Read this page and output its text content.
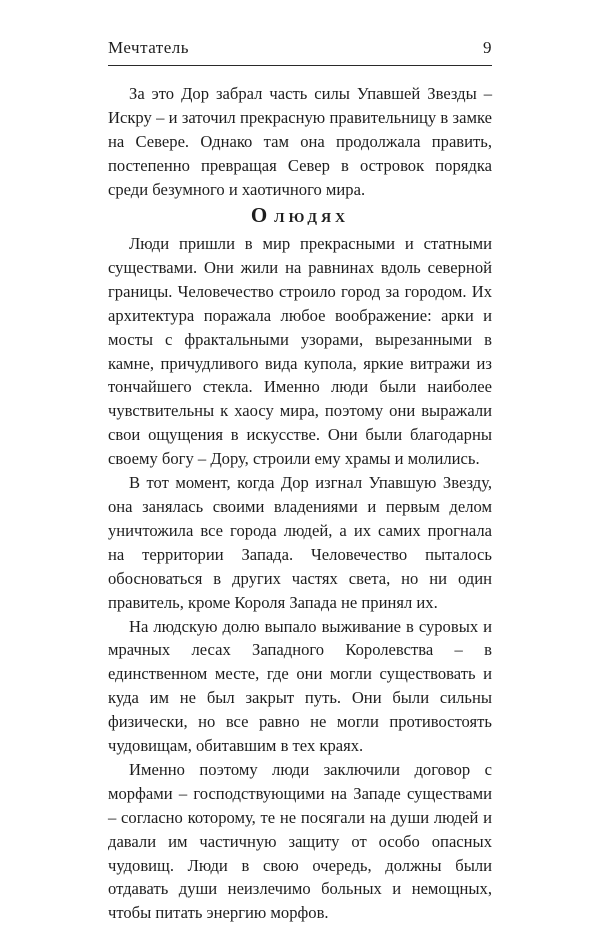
Мечтатель	9

За это Дор забрал часть силы Упавшей Звезды – Искру – и заточил прекрасную правительницу в замке на Севере. Однако там она продолжала править, постепенно превращая Север в островок порядка среди безумного и хаотичного мира.

О людях

Люди пришли в мир прекрасными и статными существами. Они жили на равнинах вдоль северной границы. Человечество строило город за городом. Их архитектура поражала любое воображение: арки и мосты с фрактальными узорами, вырезанными в камне, причудливого вида купола, яркие витражи из тончайшего стекла. Именно люди были наиболее чувствительны к хаосу мира, поэтому они выражали свои ощущения в искусстве. Они были благодарны своему богу – Дору, строили ему храмы и молились.

В тот момент, когда Дор изгнал Упавшую Звезду, она занялась своими владениями и первым делом уничтожила все города людей, а их самих прогнала на территории Запада. Человечество пыталось обосноваться в других частях света, но ни один правитель, кроме Короля Запада не принял их.

На людскую долю выпало выживание в суровых и мрачных лесах Западного Королевства – в единственном месте, где они могли существовать и куда им не был закрыт путь. Они были сильны физически, но все равно не могли противостоять чудовищам, обитавшим в тех краях.

Именно поэтому люди заключили договор с морфами – господствующими на Западе существами – согласно которому, те не посягали на души людей и давали им частичную защиту от особо опасных чудовищ. Люди в свою очередь, должны были отдавать души неизлечимо больных и немощных, чтобы питать энергию морфов.
